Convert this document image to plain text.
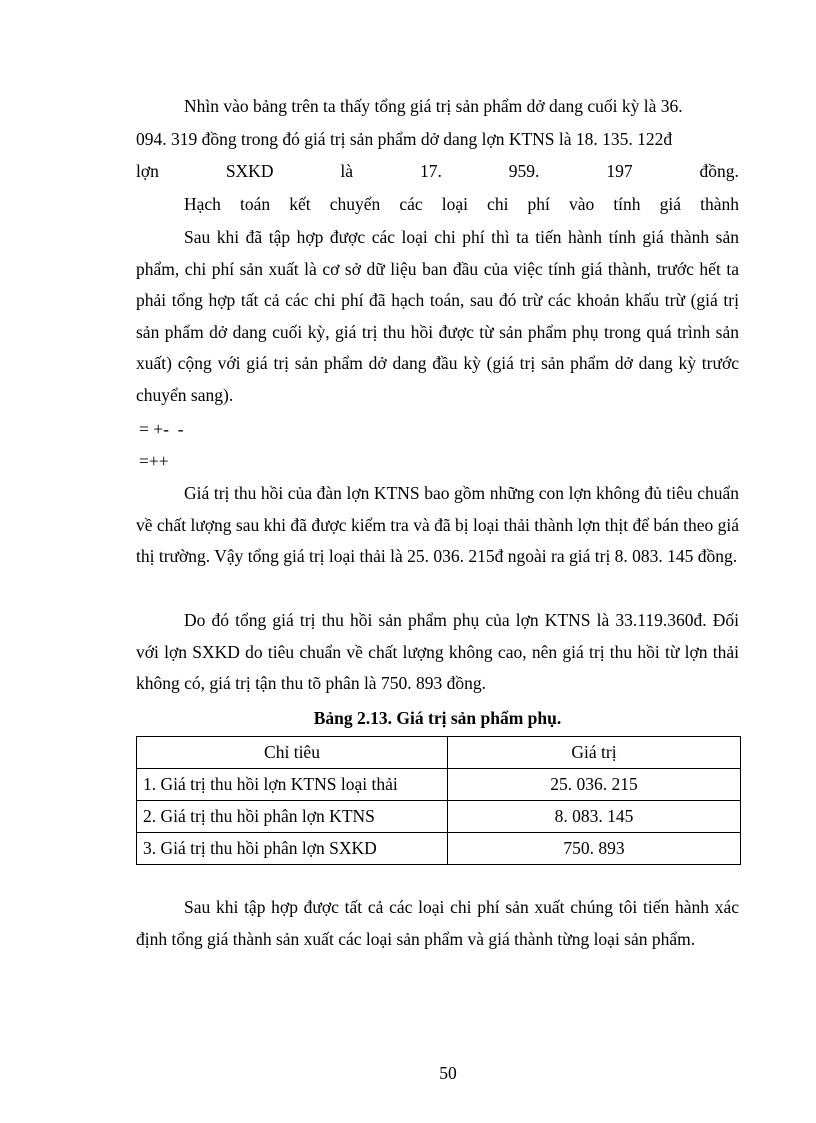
Nhìn vào bảng trên ta thấy tổng giá trị sản phẩm dở dang cuối kỳ là 36.
094. 319 đồng trong đó giá trị sản phẩm dở dang lợn KTNS là 18. 135. 122đ
lợn	SXKD	là	17.	959.	197	đồng.
Hạch toán kết chuyển các loại chi phí vào tính giá thành

Sau khi đã tập hợp được các loại chi phí thì ta tiến hành tính giá thành sản phẩm, chi phí sản xuất là cơ sở dữ liệu ban đầu của việc tính giá thành, trước hết ta phải tổng hợp tất cả các chi phí đã hạch toán, sau đó trừ các khoản khấu trừ (giá trị sản phẩm dở dang cuối kỳ, giá trị thu hồi được từ sản phẩm phụ trong quá trình sản xuất) cộng với giá trị sản phẩm dở dang đầu kỳ (giá trị sản phẩm dở dang kỳ trước chuyển sang).

= +-  -
=++

Giá trị thu hồi của đàn lợn KTNS bao gồm những con lợn không đủ tiêu chuẩn về chất lượng sau khi đã được kiểm tra và đã bị loại thải thành lợn thịt để bán theo giá thị trường. Vậy tổng giá trị loại thải là 25. 036. 215đ ngoài ra giá trị 8. 083. 145 đồng.

Do đó tổng giá trị thu hồi sản phẩm phụ của lợn KTNS là 33.119.360đ. Đối với lợn SXKD do tiêu chuẩn về chất lượng không cao, nên giá trị thu hồi từ lợn thải không có, giá trị tận thu tõ phân là 750. 893 đồng.

Bảng 2.13. Giá trị sản phẩm phụ.
Chỉ tiêu	Giá trị
1. Giá trị thu hồi lợn KTNS loại thải	25. 036. 215
2. Giá trị thu hồi phân lợn KTNS	8. 083. 145
3. Giá trị thu hồi phân lợn SXKD	750. 893

Sau khi tập hợp được tất cả các loại chi phí sản xuất chúng tôi tiến hành xác định tổng giá thành sản xuất các loại sản phẩm và giá thành từng loại sản phẩm.

50
